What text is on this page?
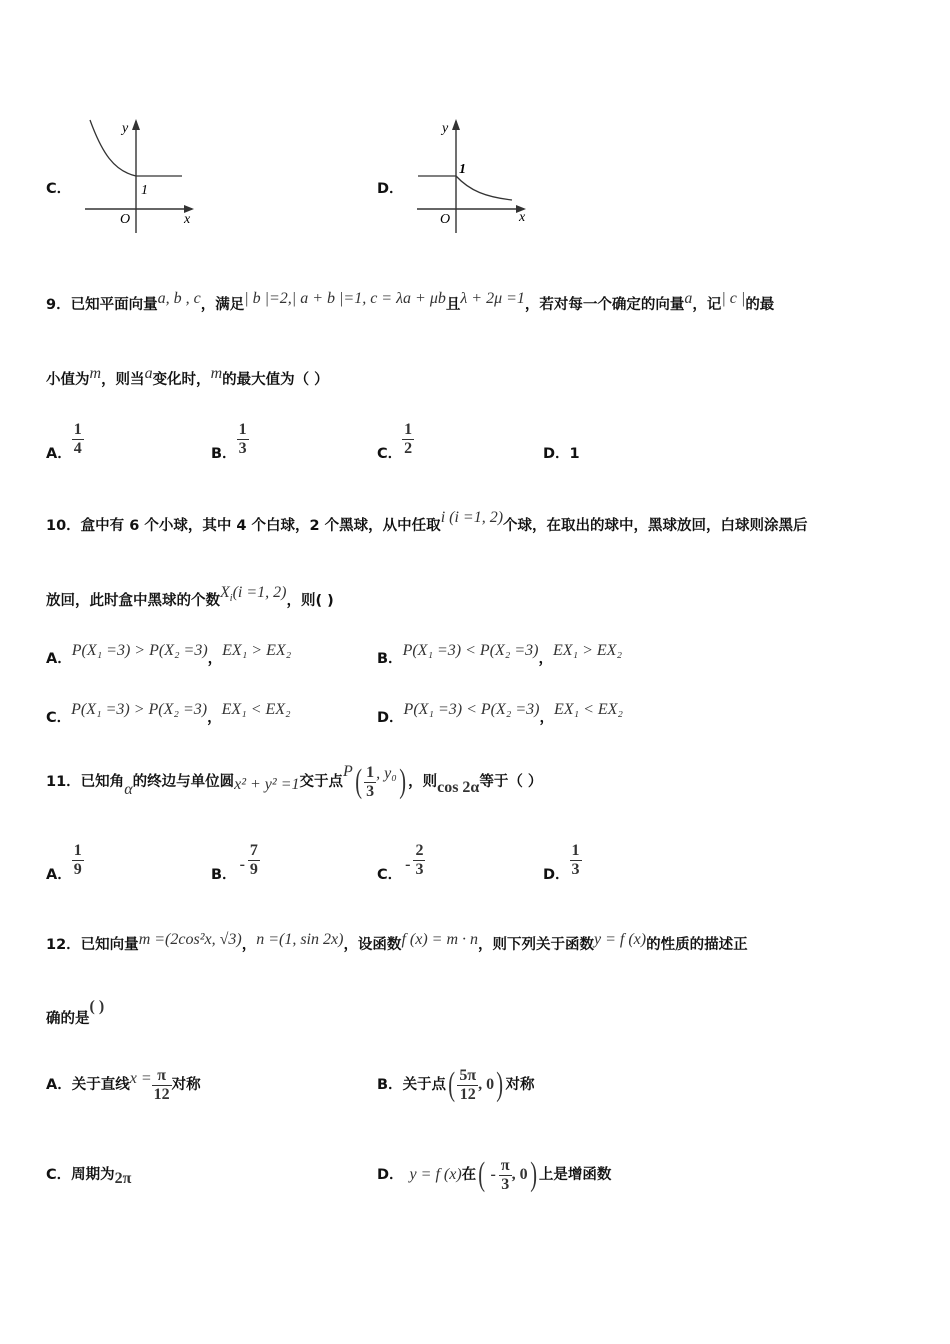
C．
y
x
O
1	D．
y
x
O
1
9．已知平面向量a, b , c，满足| b |=2,| a + b |=1, c = λa + μb且λ + 2μ =1，若对每一个确定的向量a，记| c |的最
小值为m，则当a变化时，m的最大值为（ ）
A． $\frac{1}{4}$	B． $\frac{1}{3}$	C． $\frac{1}{2}$	D．1
10．盒中有 6 个小球，其中 4 个白球，2 个黑球，从中任取i (i =1, 2)个球，在取出的球中，黑球放回，白球则涂黑后
放回，此时盒中黑球的个数$X_i(i =1$, 2)，则( )
A．P(X₁ =3) > P(X₂ =3)，EX₁ > EX₂	B．P(X₁ =3) < P(X₂ =3)，EX₁ > EX₂
C．P(X₁ =3) > P(X₂ =3)，EX₁ < EX₂	D．P(X₁ =3) < P(X₂ =3)，EX₁ < EX₂
11．已知角α的终边与单位圆x² + y² =1交于点$P( \frac{1}{3}$ , y₀) ，则cos 2α等于（ ）
A． $\frac{1}{9}$	B．- $\frac{7}{9}$	C．- $\frac{2}{3}$	D． $\frac{1}{3}$
12．已知向量m =(2cos²x, √3)，n =(1, sin 2x)，设函数f (x) = m · n，则下列关于函数y = f (x)的性质的描述正
确的是( )
A．关于直线$x = \frac{\pi}{12}$ 对称	B．关于点( $\frac{5\pi}{12}$ , 0) 对称
C．周期为2π	D． y = f (x)在( - $\frac{\pi}{3}$ , 0) 上是增函数
